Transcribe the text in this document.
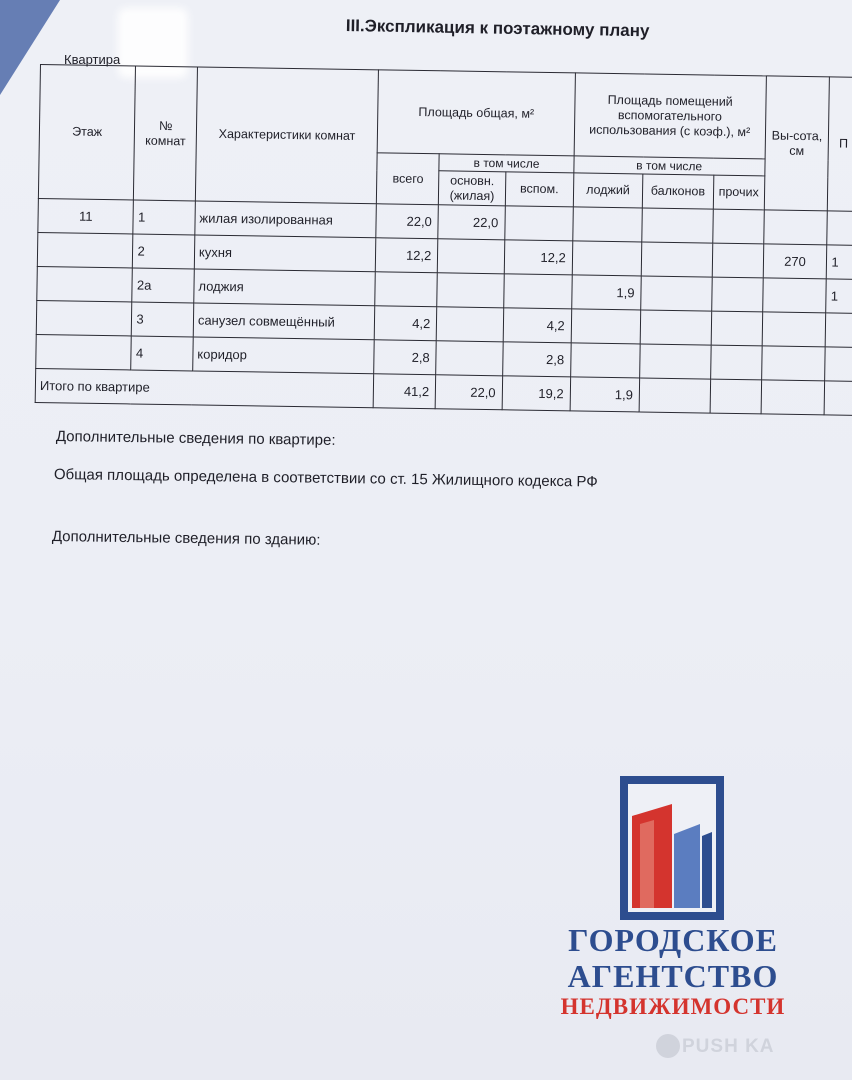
III.Экспликация к поэтажному плану
Квартира
Этаж	№ комнат	Характеристики комнат	Площадь общая, м²			Площадь помещений вспомогательного использования (с коэф.), м²			Вы-сота, см	П
			всего	в том числе		в том числе				
				основн. (жилая)	вспом.	лоджий	балконов	прочих		
11	1	жилая изолированная	22,0	22,0						
	2	кухня	12,2		12,2				270	1
	2а	лоджия				1,9				1
	3	санузел совмещённый	4,2		4,2					
	4	коридор	2,8		2,8					
Итого по квартире			41,2	22,0	19,2	1,9				
Дополнительные сведения по квартире:
Общая площадь определена в соответствии со ст. 15 Жилищного кодекса РФ
Дополнительные сведения по зданию:
ГОРОДСКОЕ
АГЕНТСТВО
НЕДВИЖИМОСТИ
PUSH KA
